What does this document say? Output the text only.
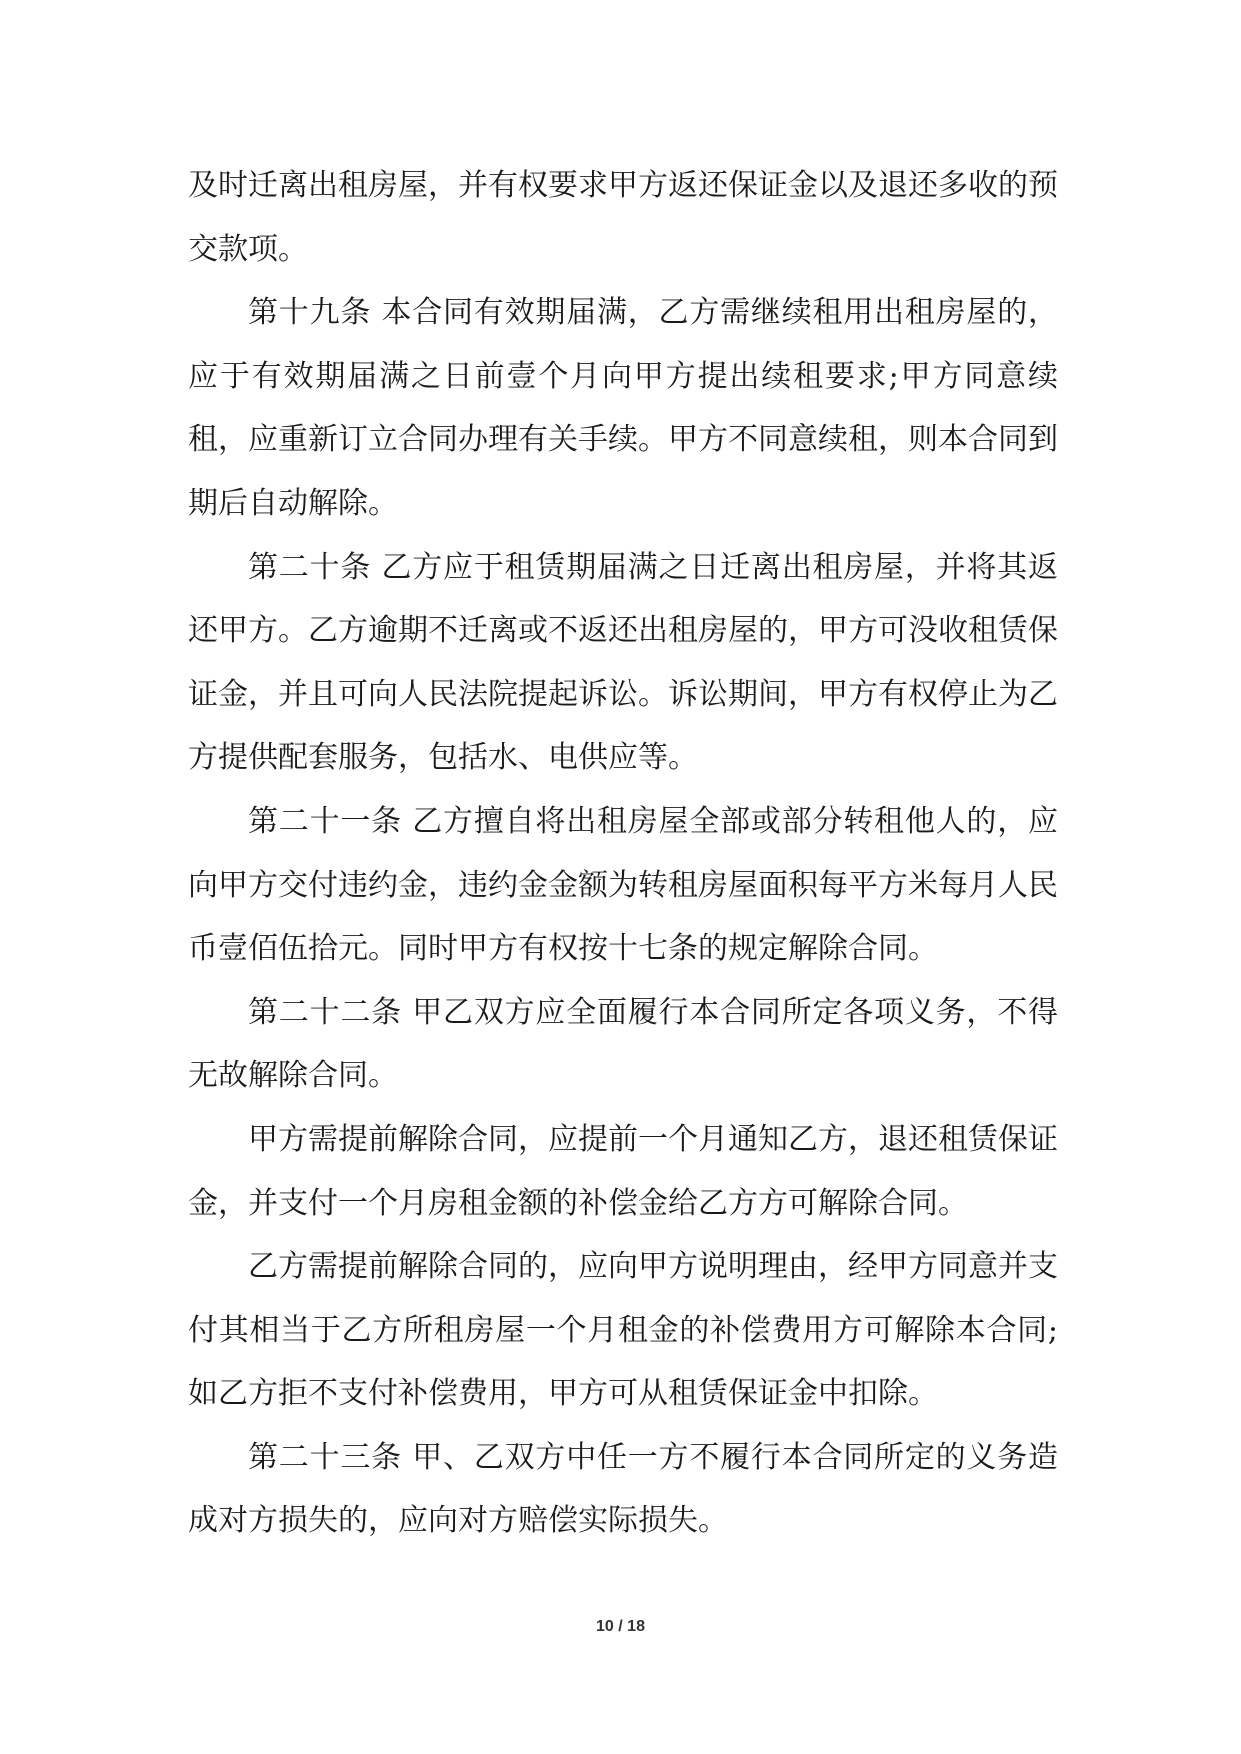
及时迁离出租房屋，并有权要求甲方返还保证金以及退还多收的预交款项。

第十九条 本合同有效期届满，乙方需继续租用出租房屋的，应于有效期届满之日前壹个月向甲方提出续租要求;甲方同意续租，应重新订立合同办理有关手续。甲方不同意续租，则本合同到期后自动解除。

第二十条 乙方应于租赁期届满之日迁离出租房屋，并将其返还甲方。乙方逾期不迁离或不返还出租房屋的，甲方可没收租赁保证金，并且可向人民法院提起诉讼。诉讼期间，甲方有权停止为乙方提供配套服务，包括水、电供应等。

第二十一条 乙方擅自将出租房屋全部或部分转租他人的，应向甲方交付违约金，违约金金额为转租房屋面积每平方米每月人民币壹佰伍拾元。同时甲方有权按十七条的规定解除合同。

第二十二条 甲乙双方应全面履行本合同所定各项义务，不得无故解除合同。

甲方需提前解除合同，应提前一个月通知乙方，退还租赁保证金，并支付一个月房租金额的补偿金给乙方方可解除合同。

乙方需提前解除合同的，应向甲方说明理由，经甲方同意并支付其相当于乙方所租房屋一个月租金的补偿费用方可解除本合同;如乙方拒不支付补偿费用，甲方可从租赁保证金中扣除。

第二十三条 甲、乙双方中任一方不履行本合同所定的义务造成对方损失的，应向对方赔偿实际损失。

10 / 18
